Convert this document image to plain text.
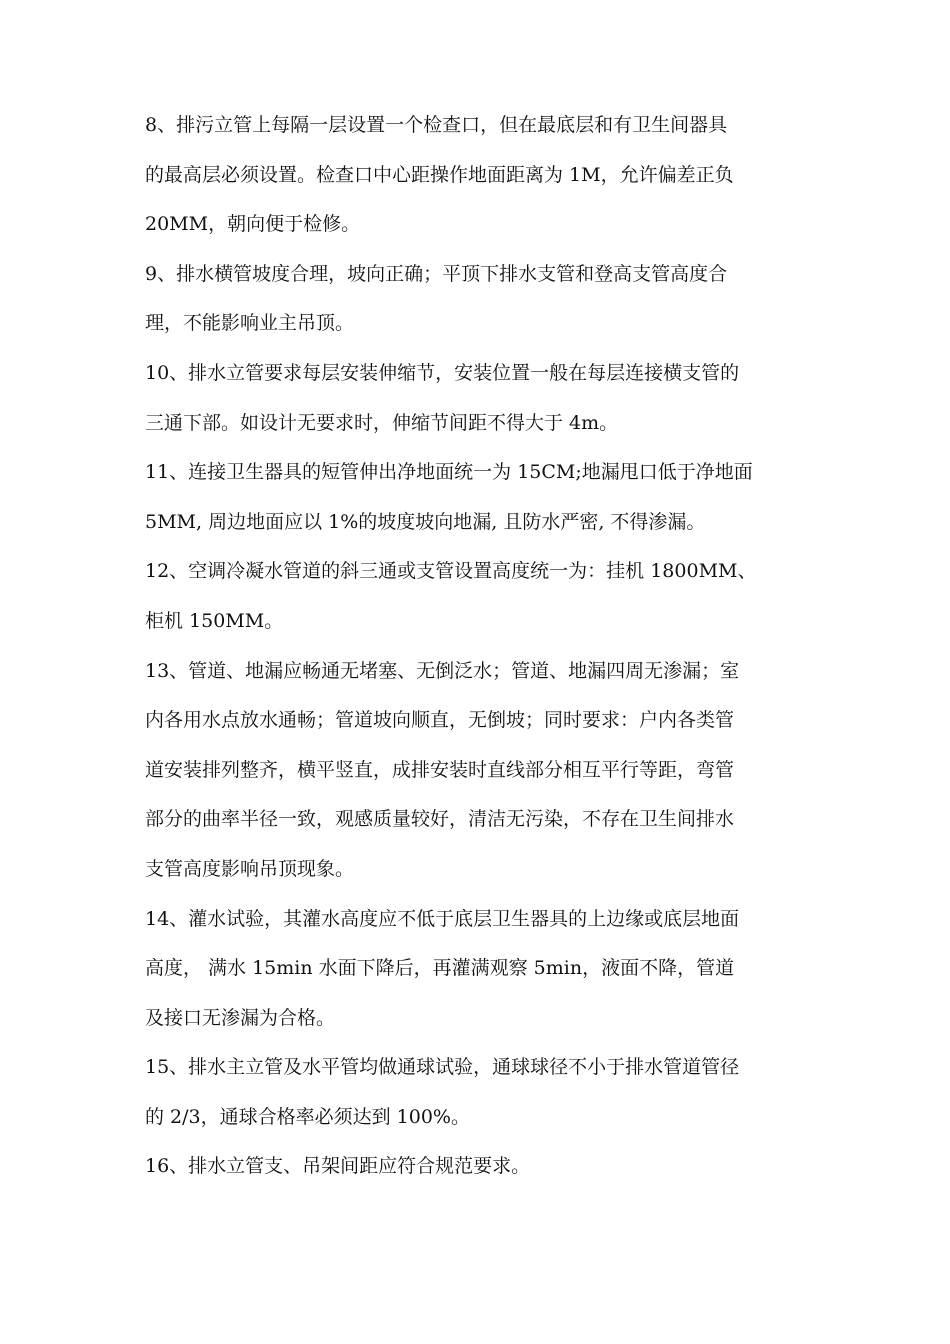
8、排污立管上每隔一层设置一个检查口，但在最底层和有卫生间器具
的最高层必须设置。检查口中心距操作地面距离为 1M，允许偏差正负
20MM，朝向便于检修。
9、排水横管坡度合理，坡向正确；平顶下排水支管和登高支管高度合
理，不能影响业主吊顶。
10、排水立管要求每层安装伸缩节，安装位置一般在每层连接横支管的
三通下部。如设计无要求时，伸缩节间距不得大于 4m。
11、连接卫生器具的短管伸出净地面统一为 15CM;地漏甩口低于净地面
5MM, 周边地面应以 1%的坡度坡向地漏, 且防水严密, 不得渗漏。
12、空调冷凝水管道的斜三通或支管设置高度统一为：挂机 1800MM、
柜机 150MM。
13、管道、地漏应畅通无堵塞、无倒泛水；管道、地漏四周无渗漏；室
内各用水点放水通畅；管道坡向顺直，无倒坡；同时要求：户内各类管
道安装排列整齐，横平竖直，成排安装时直线部分相互平行等距，弯管
部分的曲率半径一致，观感质量较好，清洁无污染，不存在卫生间排水
支管高度影响吊顶现象。
14、灌水试验，其灌水高度应不低于底层卫生器具的上边缘或底层地面
高度， 满水 15min 水面下降后，再灌满观察 5min，液面不降，管道
及接口无渗漏为合格。
15、排水主立管及水平管均做通球试验，通球球径不小于排水管道管径
的 2/3，通球合格率必须达到 100%。
16、排水立管支、吊架间距应符合规范要求。
